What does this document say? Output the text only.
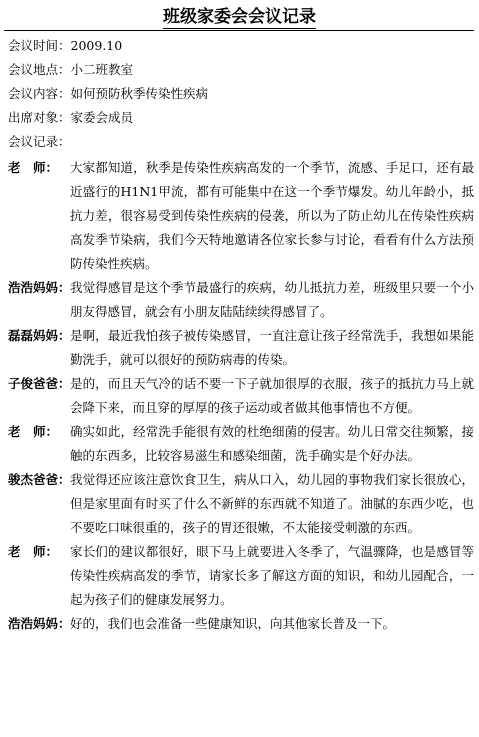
班级家委会会议记录
会议时间：2009.10
会议地点：小二班教室
会议内容：如何预防秋季传染性疾病
出席对象：家委会成员
会议记录：
老　师： 大家都知道，秋季是传染性疾病高发的一个季节，流感、手足口，还有最近盛行的H1N1甲流，都有可能集中在这一个季节爆发。幼儿年龄小，抵抗力差，很容易受到传染性疾病的侵袭，所以为了防止幼儿在传染性疾病高发季节染病，我们今天特地邀请各位家长参与讨论，看看有什么方法预防传染性疾病。
浩浩妈妈： 我觉得感冒是这个季节最盛行的疾病，幼儿抵抗力差，班级里只要一个小朋友得感冒，就会有小朋友陆陆续续得感冒了。
磊磊妈妈： 是啊，最近我怕孩子被传染感冒，一直注意让孩子经常洗手，我想如果能勤洗手，就可以很好的预防病毒的传染。
子俊爸爸： 是的，而且天气冷的话不要一下子就加很厚的衣服，孩子的抵抗力马上就会降下来，而且穿的厚厚的孩子运动或者做其他事情也不方便。
老　师： 确实如此，经常洗手能很有效的杜绝细菌的侵害。幼儿日常交往频繁，接触的东西多，比较容易滋生和感染细菌，洗手确实是个好办法。
骏杰爸爸： 我觉得还应该注意饮食卫生，病从口入，幼儿园的事物我们家长很放心，但是家里面有时买了什么不新鲜的东西就不知道了。油腻的东西少吃，也不要吃口味很重的，孩子的胃还很嫩，不太能接受刺激的东西。
老　师： 家长们的建议都很好，眼下马上就要进入冬季了，气温骤降，也是感冒等传染性疾病高发的季节，请家长多了解这方面的知识，和幼儿园配合，一起为孩子们的健康发展努力。
浩浩妈妈： 好的，我们也会准备一些健康知识，向其他家长普及一下。
